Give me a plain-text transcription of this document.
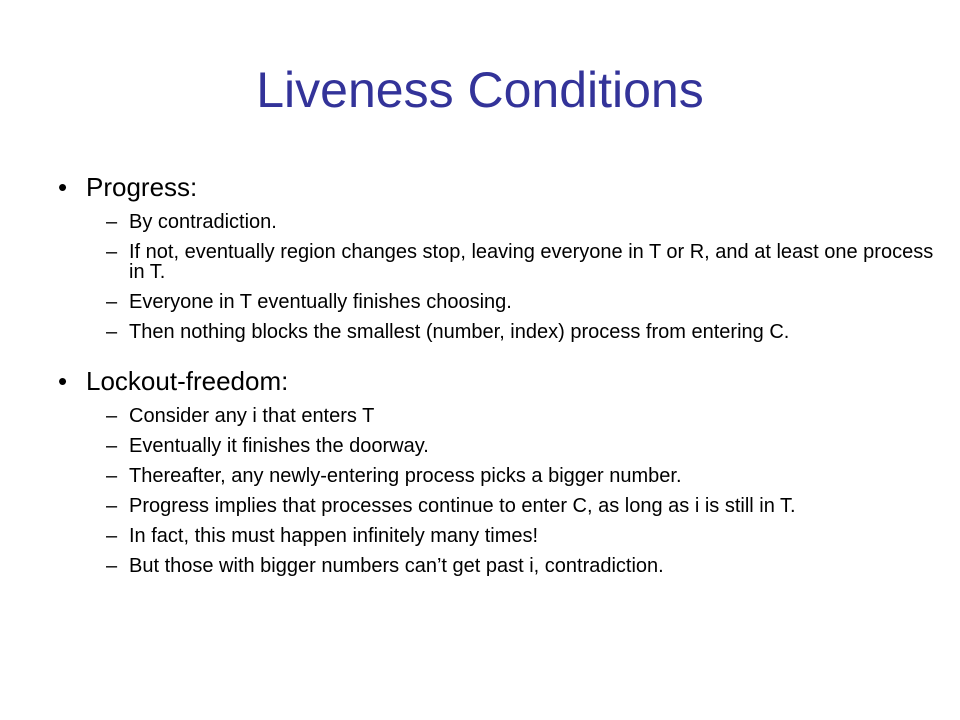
Liveness Conditions
• Progress:
– By contradiction.
– If not, eventually region changes stop, leaving everyone in T or R, and at least one process in T.
– Everyone in T eventually finishes choosing.
– Then nothing blocks the smallest (number, index) process from entering C.
• Lockout-freedom:
– Consider any i that enters T
– Eventually it finishes the doorway.
– Thereafter, any newly-entering process picks a bigger number.
– Progress implies that processes continue to enter C, as long as i is still in T.
– In fact, this must happen infinitely many times!
– But those with bigger numbers can’t get past i, contradiction.
